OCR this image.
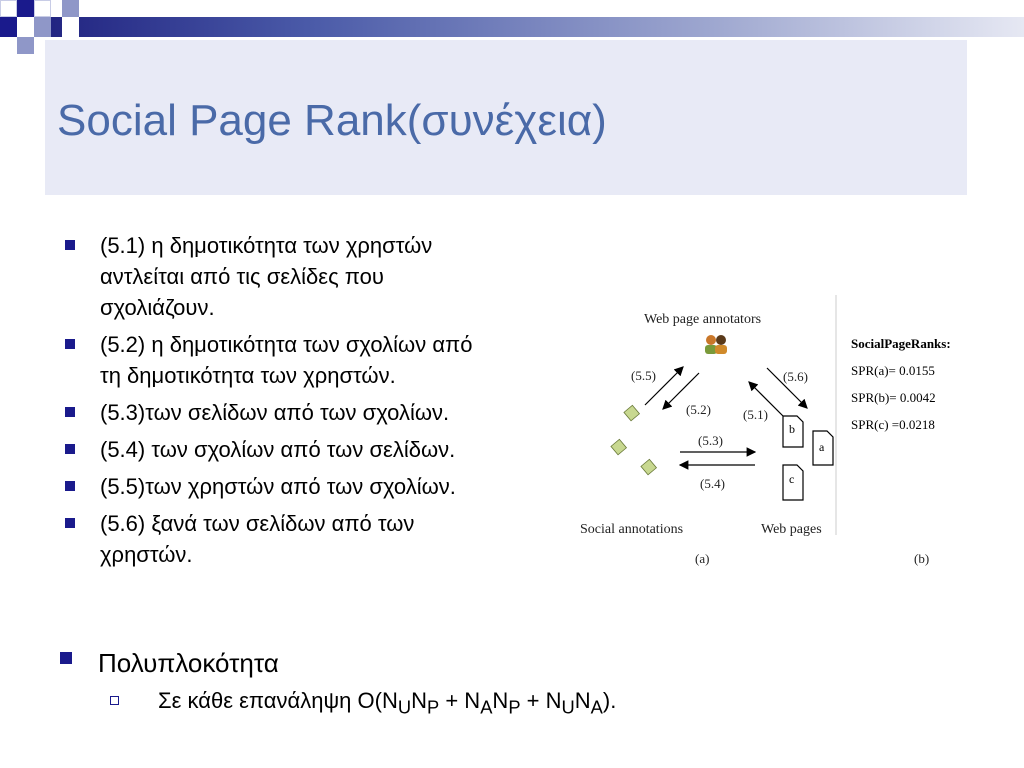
Social Page Rank(συνέχεια)
(5.1) η δημοτικότητα των χρηστών
αντλείται από τις σελίδες που
σχολιάζουν.
(5.2) η δημοτικότητα των σχολίων από
τη δημοτικότητα των χρηστών.
(5.3)των σελίδων από των σχολίων.
(5.4) των σχολίων από των σελίδων.
(5.5)των χρηστών από των σχολίων.
(5.6) ξανά των σελίδων από των
χρηστών.
Web page annotators
(5.5)
(5.2) (5.1)
(5.6)
(5.3)
(5.4)
b
a
c
Social annotations	Web pages
(a)	(b)
SocialPageRanks:
SPR(a)= 0.0155
SPR(b)= 0.0042
SPR(c) =0.0218
Πολυπλοκότητα
Σε κάθε επανάληψη $O(N_UN_P + N_AN_P + N_UN_A)$.
